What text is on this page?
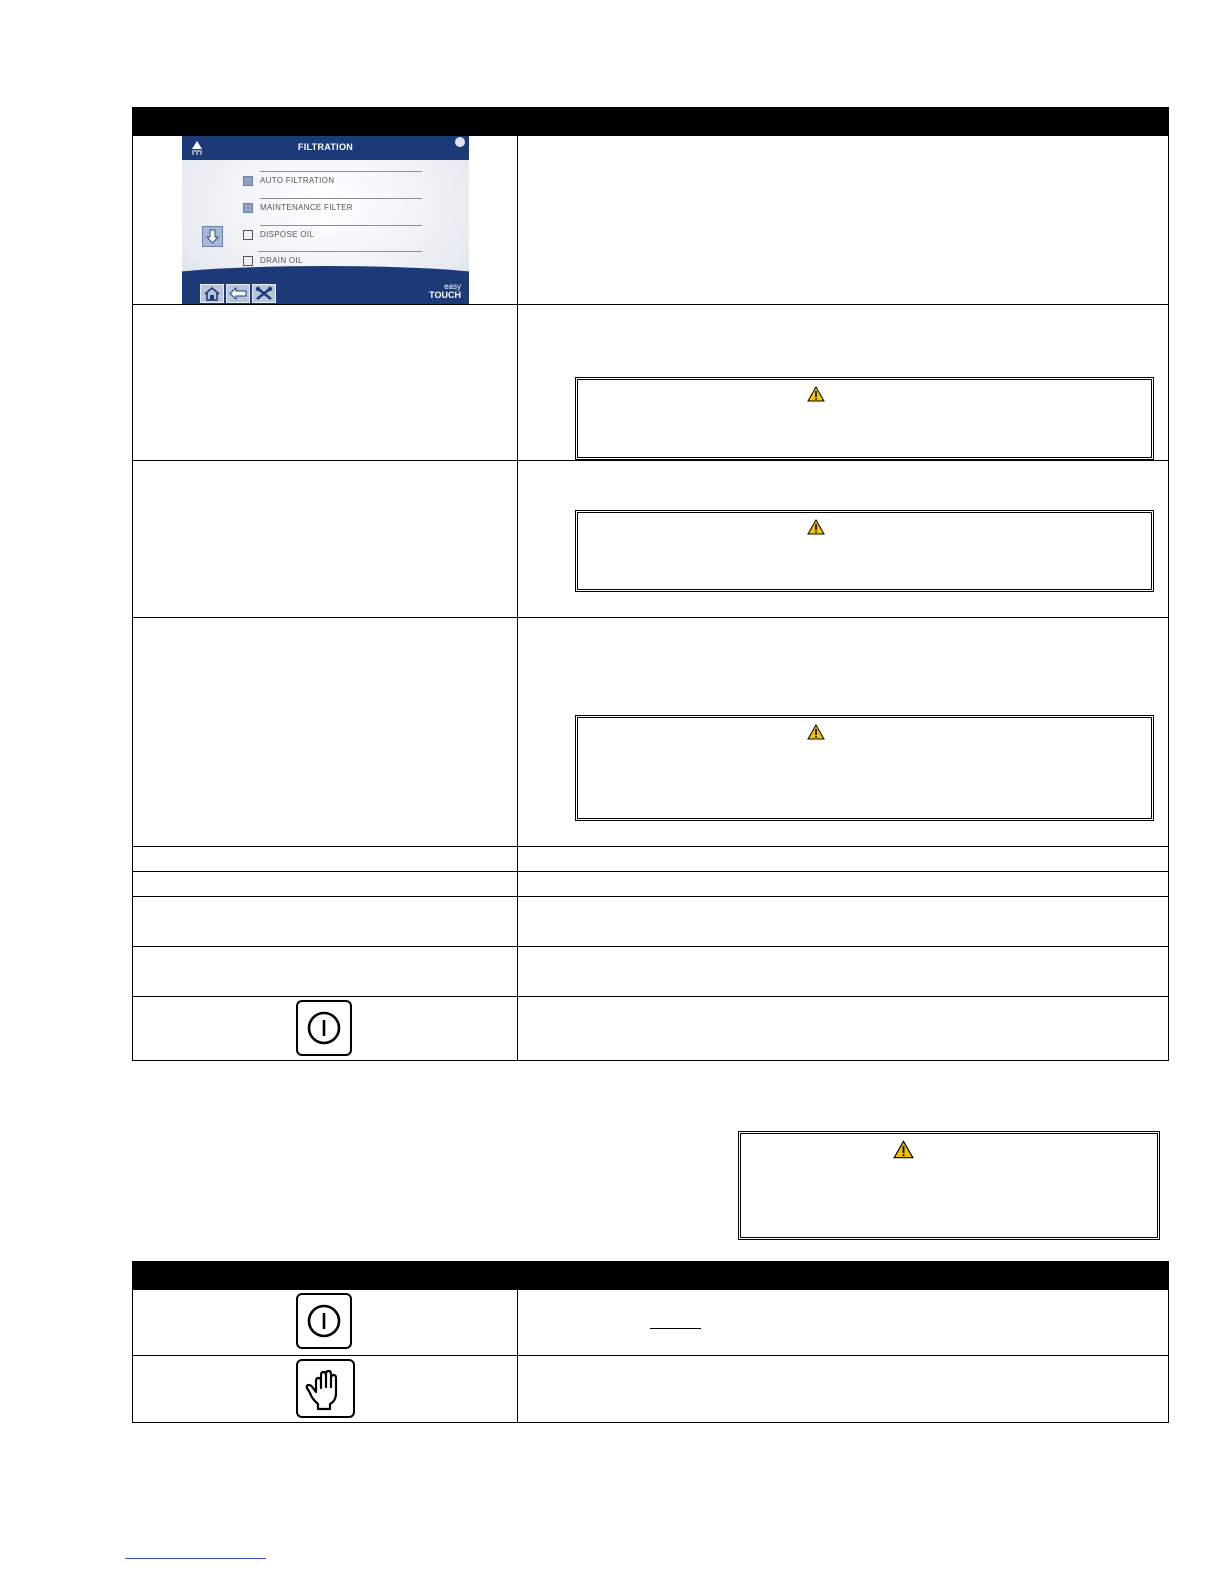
FILTRATION
AUTO FILTRATION
MAINTENANCE FILTER
DISPOSE OIL
DRAIN OIL
easy
TOUCH
